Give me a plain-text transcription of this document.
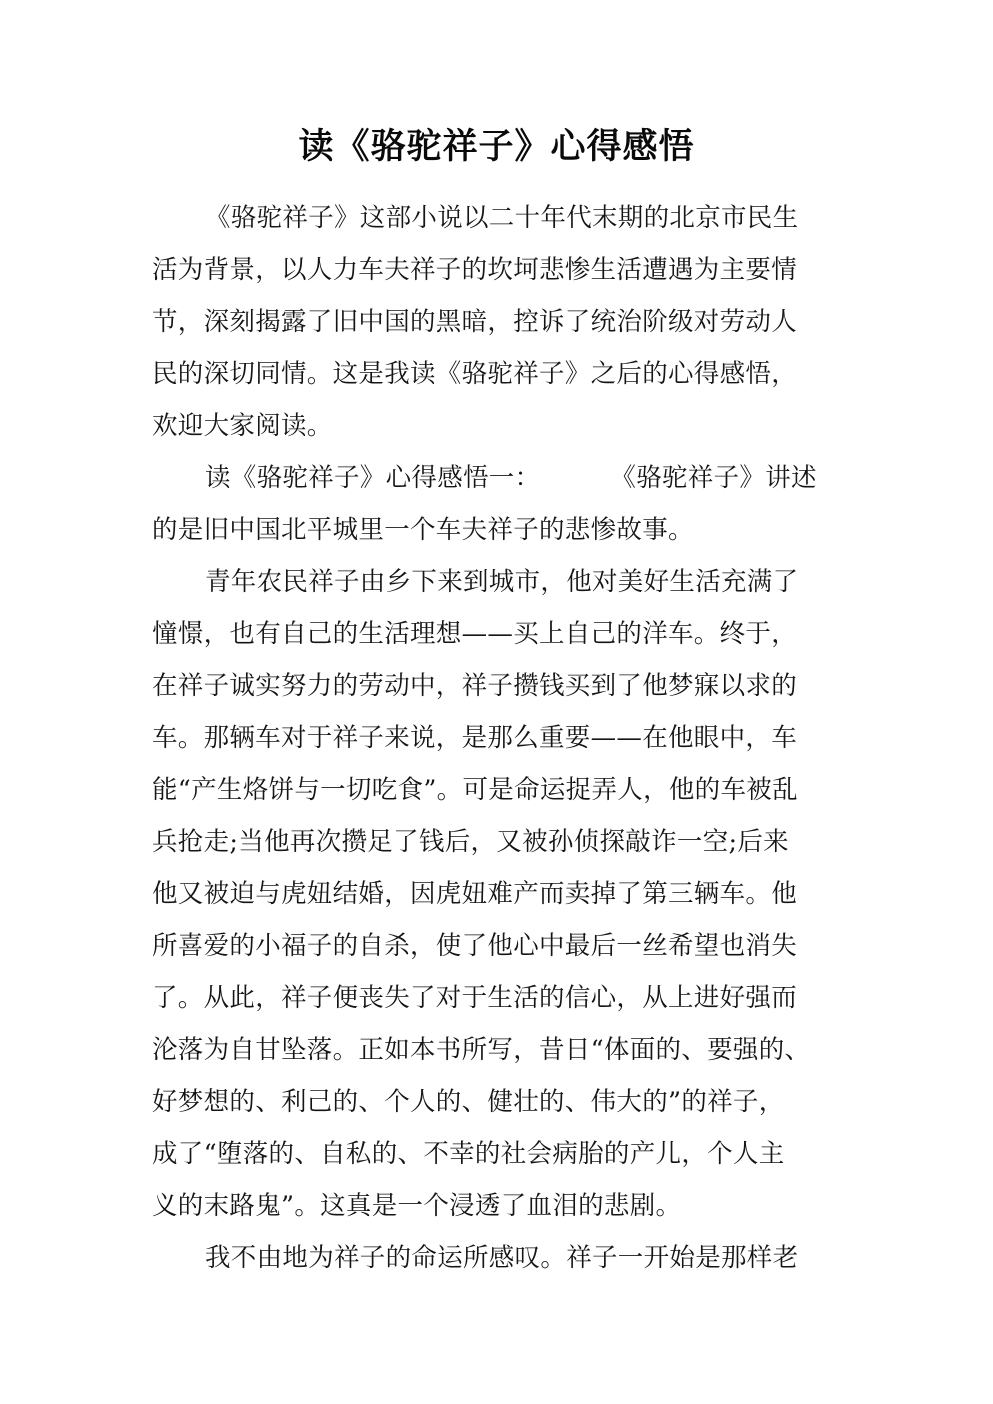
读《骆驼祥子》心得感悟
《骆驼祥子》这部小说以二十年代末期的北京市民生
活为背景，以人力车夫祥子的坎坷悲惨生活遭遇为主要情
节，深刻揭露了旧中国的黑暗，控诉了统治阶级对劳动人
民的深切同情。这是我读《骆驼祥子》之后的心得感悟，
欢迎大家阅读。
读《骆驼祥子》心得感悟一：	《骆驼祥子》讲述
的是旧中国北平城里一个车夫祥子的悲惨故事。
青年农民祥子由乡下来到城市，他对美好生活充满了
憧憬，也有自己的生活理想——买上自己的洋车。终于，
在祥子诚实努力的劳动中，祥子攒钱买到了他梦寐以求的
车。那辆车对于祥子来说，是那么重要——在他眼中，车
能“产生烙饼与一切吃食”。可是命运捉弄人，他的车被乱
兵抢走;当他再次攒足了钱后，又被孙侦探敲诈一空;后来
他又被迫与虎妞结婚，因虎妞难产而卖掉了第三辆车。他
所喜爱的小福子的自杀，使了他心中最后一丝希望也消失
了。从此，祥子便丧失了对于生活的信心，从上进好强而
沦落为自甘坠落。正如本书所写，昔日“体面的、要强的、
好梦想的、利己的、个人的、健壮的、伟大的”的祥子，
成了“堕落的、自私的、不幸的社会病胎的产儿，个人主
义的末路鬼”。这真是一个浸透了血泪的悲剧。
我不由地为祥子的命运所感叹。祥子一开始是那样老
